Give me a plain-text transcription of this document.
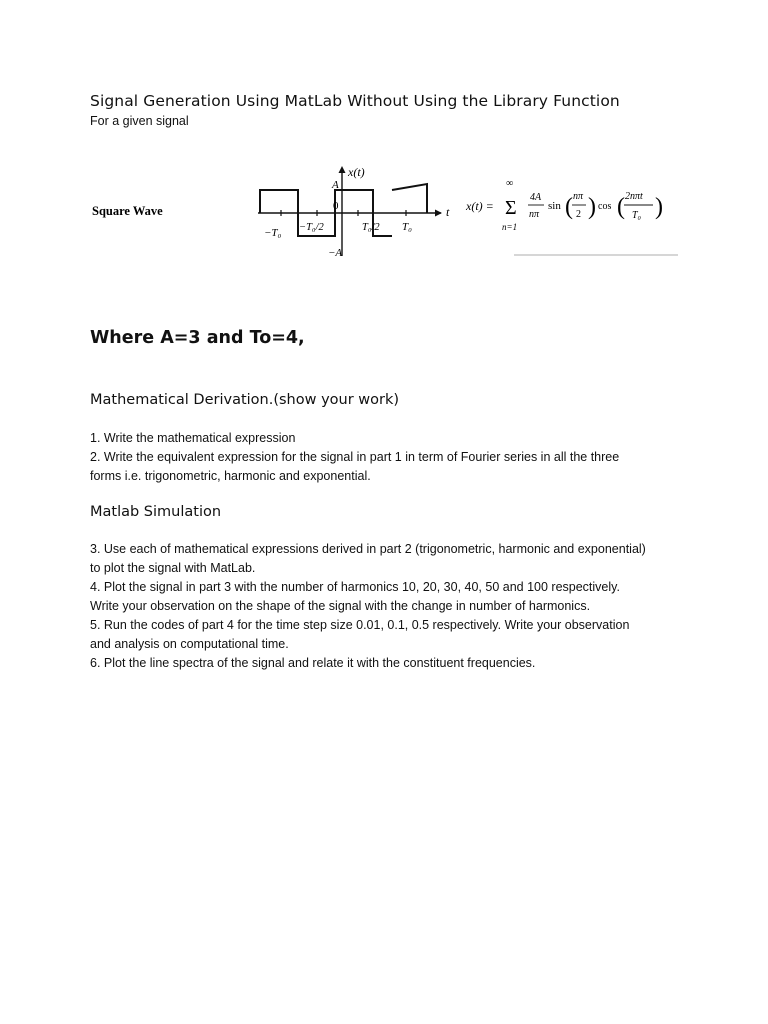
Signal Generation Using MatLab Without Using the Library Function
For a given signal
Square Wave
x(t)
t
A
−A
0
−T₀ −T₀/2	T₀/2 T₀
x(t) =
∞
Σ
n=1
4A
nπ
sin ( nπ
2 ) cos ( 2nπt
T₀ )
Where A=3 and To=4,
Mathematical Derivation.(show your work)

1. Write the mathematical expression

2. Write the equivalent expression for the signal in part 1 in term of Fourier series in all the three forms i.e. trigonometric, harmonic and exponential.

Matlab Simulation

3. Use each of mathematical expressions derived in part 2 (trigonometric, harmonic and exponential) to plot the signal with MatLab.

4. Plot the signal in part 3 with the number of harmonics 10, 20, 30, 40, 50 and 100 respectively. Write your observation on the shape of the signal with the change in number of harmonics.

5. Run the codes of part 4 for the time step size 0.01, 0.1, 0.5 respectively. Write your observation and analysis on computational time.

6. Plot the line spectra of the signal and relate it with the constituent frequencies.
